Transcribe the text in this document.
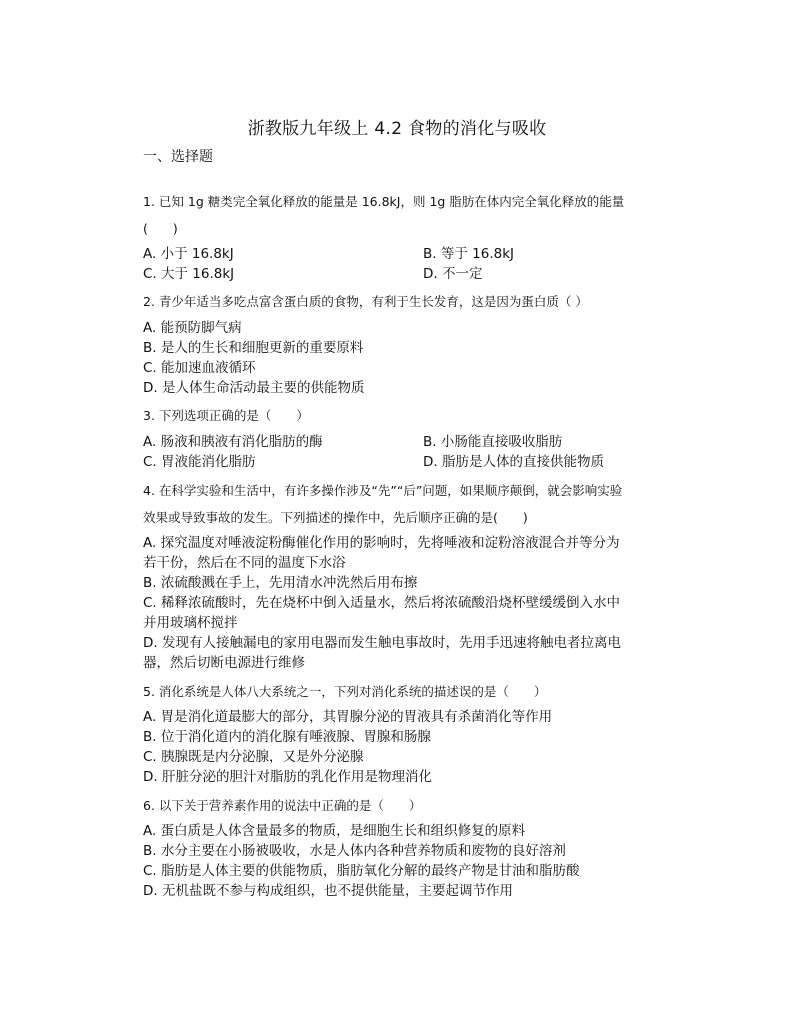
浙教版九年级上 4.2 食物的消化与吸收
一、选择题
1. 已知 1g 糖类完全氧化释放的能量是 16.8kJ，则 1g 脂肪在体内完全氧化释放的能量
(　　)
A. 小于 16.8kJ	B. 等于 16.8kJ
C. 大于 16.8kJ	D. 不一定
2. 青少年适当多吃点富含蛋白质的食物，有利于生长发育，这是因为蛋白质（ ）
A. 能预防脚气病
B. 是人的生长和细胞更新的重要原料
C. 能加速血液循环
D. 是人体生命活动最主要的供能物质
3. 下列选项正确的是（　　）
A. 肠液和胰液有消化脂肪的酶	B. 小肠能直接吸收脂肪
C. 胃液能消化脂肪	D. 脂肪是人体的直接供能物质
4. 在科学实验和生活中，有许多操作涉及“先”“后”问题，如果顺序颠倒，就会影响实验
效果或导致事故的发生。下列描述的操作中，先后顺序正确的是(　　)
A. 探究温度对唾液淀粉酶催化作用的影响时，先将唾液和淀粉溶液混合并等分为
若干份，然后在不同的温度下水浴
B. 浓硫酸溅在手上，先用清水冲洗然后用布擦
C. 稀释浓硫酸时，先在烧杯中倒入适量水，然后将浓硫酸沿烧杯壁缓缓倒入水中
并用玻璃杯搅拌
D. 发现有人接触漏电的家用电器而发生触电事故时，先用手迅速将触电者拉离电
器，然后切断电源进行维修
5. 消化系统是人体八大系统之一，下列对消化系统的描述误的是（　　）
A. 胃是消化道最膨大的部分，其胃腺分泌的胃液具有杀菌消化等作用
B. 位于消化道内的消化腺有唾液腺、胃腺和肠腺
C. 胰腺既是内分泌腺，又是外分泌腺
D. 肝脏分泌的胆汁对脂肪的乳化作用是物理消化
6. 以下关于营养素作用的说法中正确的是（　　）
A. 蛋白质是人体含量最多的物质，是细胞生长和组织修复的原料
B. 水分主要在小肠被吸收，水是人体内各种营养物质和废物的良好溶剂
C. 脂肪是人体主要的供能物质，脂肪氧化分解的最终产物是甘油和脂肪酸
D. 无机盐既不参与构成组织，也不提供能量，主要起调节作用
